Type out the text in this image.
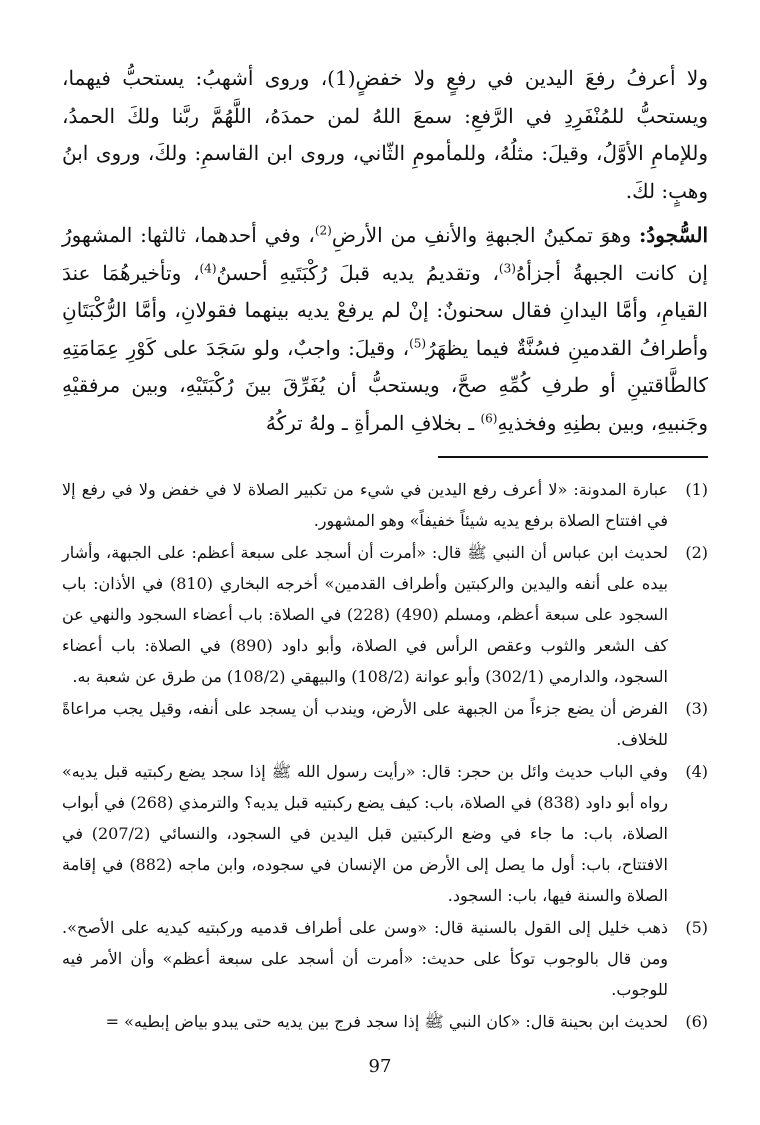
ولا أعرفُ رفعَ اليدين في رفعٍ ولا خفضٍ(1)، وروى أشهبُ: يستحبُّ فيهما، ويستحبُّ للمُنْفَرِدِ في الرَّفعِ: سمعَ اللهُ لمن حمدَهُ، اللَّهُمَّ ربَّنا ولكَ الحمدُ، وللإمامِ الأوَّلُ، وقيلَ: مثلُهُ، وللمأمومِ الثّاني، وروى ابن القاسمِ: ولكَ، وروى ابنُ وهبٍ: لكَ.

السُّجودُ: وهوَ تمكينُ الجبهةِ والأنفِ من الأرضِ$^{(2)}$، وفي أحدهما، ثالثها: المشهورُ إن كانت الجبهةُ أجزأهُ$^{(3)}$، وتقديمُ يديه قبلَ رُكْبَتَيهِ أحسنُ$^{(4)}$، وتأخيرهُمَا عندَ القيامِ، وأمَّا اليدانِ فقال سحنونٌ: إنْ لم يرفعْ يديه بينهما فقولانِ، وأمَّا الرُّكْبَتَانِ وأطرافُ القدمينِ فسُنَّةٌ فيما يظهَرُ$^{(5)}$، وقيلَ: واجبٌ، ولو سَجَدَ على كَوْرِ عِمَامَتِهِ كالطَّاقتينِ أو طرفِ كُمِّهِ صحَّ، ويستحبُّ أن يُفَرِّقَ بينَ رُكْبَتَيْهِ، وبين مرفقيْهِ وجَنبيهِ، وبين بطنِهِ وفخذيهِ$^{(6)}$ ـ بخلافِ المرأةِ ـ ولهُ تركُهُ

(1)
عبارة المدونة: «لا أعرف رفع اليدين في شيء من تكبير الصلاة لا في خفض ولا في رفع إلا في افتتاح الصلاة برفع يديه شيئاً خفيفاً» وهو المشهور.
(2)
لحديث ابن عباس أن النبي ﷺ قال: «أمرت أن أسجد على سبعة أعظم: على الجبهة، وأشار بيده على أنفه واليدين والركبتين وأطراف القدمين» أخرجه البخاري (810) في الأذان: باب السجود على سبعة أعظم، ومسلم (490) (228) في الصلاة: باب أعضاء السجود والنهي عن كف الشعر والثوب وعقص الرأس في الصلاة، وأبو داود (890) في الصلاة: باب أعضاء السجود، والدارمي (302/1) وأبو عوانة (108/2) والبيهقي (108/2) من طرق عن شعبة به.
(3)
الفرض أن يضع جزءاً من الجبهة على الأرض، ويندب أن يسجد على أنفه، وقيل يجب مراعاةً للخلاف.
(4)
وفي الباب حديث وائل بن حجر: قال: «رأيت رسول الله ﷺ إذا سجد يضع ركبتيه قبل يديه» رواه أبو داود (838) في الصلاة، باب: كيف يضع ركبتيه قبل يديه؟ والترمذي (268) في أبواب الصلاة، باب: ما جاء في وضع الركبتين قبل اليدين في السجود، والنسائي (207/2) في الافتتاح، باب: أول ما يصل إلى الأرض من الإنسان في سجوده، وابن ماجه (882) في إقامة الصلاة والسنة فيها، باب: السجود.
(5)
ذهب خليل إلى القول بالسنية قال: «وسن على أطراف قدميه وركبتيه كيديه على الأصح». ومن قال بالوجوب توكأ على حديث: «أمرت أن أسجد على سبعة أعظم» وأن الأمر فيه للوجوب.
(6)
لحديث ابن بحينة قال: «كان النبي ﷺ إذا سجد فرج بين يديه حتى يبدو بياض إبطيه» =
97
